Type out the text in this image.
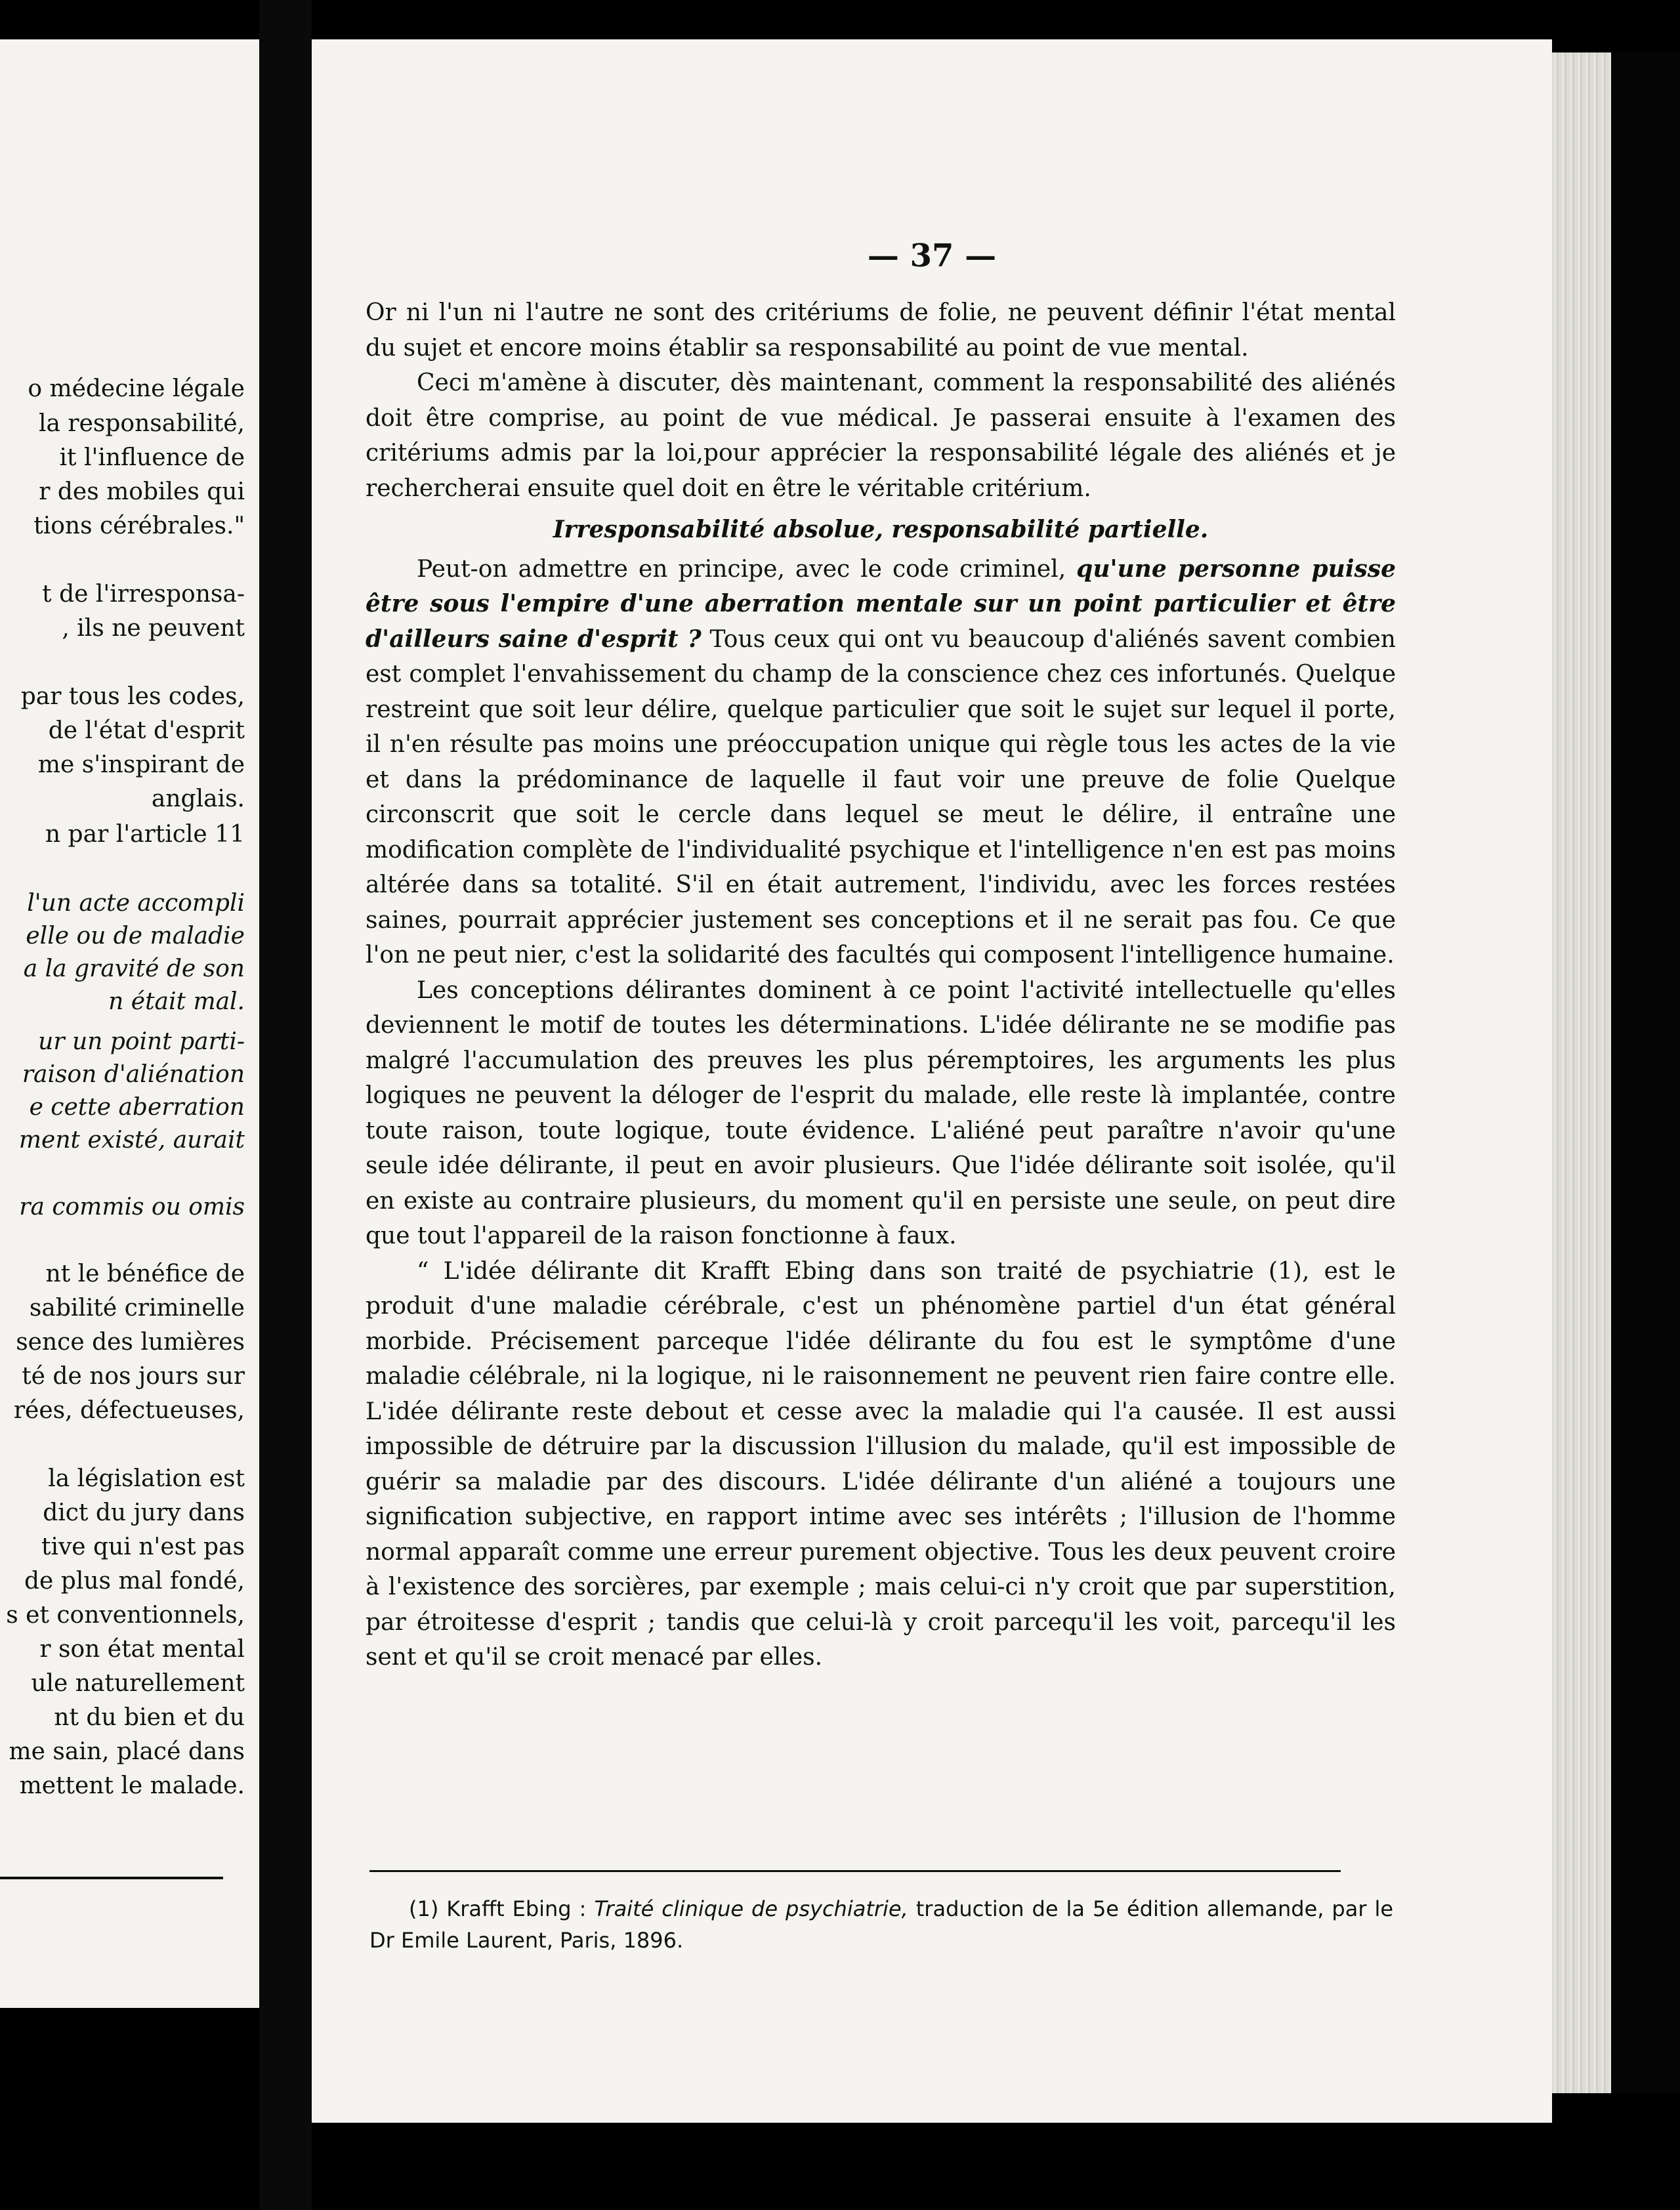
o médecine légale
la responsabilité,
it l'influence de
r des mobiles qui
tions cérébrales."
t de l'irresponsa-
, ils ne peuvent
par tous les codes,
de l'état d'esprit
me s'inspirant de
anglais.
n par l'article 11
l'un acte accompli
elle ou de maladie
a la gravité de son
n était mal.
ur un point parti-
raison d'aliénation
e cette aberration
ment existé, aurait
ra commis ou omis
nt le bénéfice de
sabilité criminelle
sence des lumières
té de nos jours sur
rées, défectueuses,
la législation est
dict du jury dans
tive qui n'est pas
de plus mal fondé,
s et conventionnels,
r son état mental
ule naturellement
nt du bien et du
me sain, placé dans
mettent le malade.
— 37 —

Or ni l'un ni l'autre ne sont des critériums de folie, ne peuvent définir l'état mental du sujet et encore moins établir sa responsabilité au point de vue mental.

Ceci m'amène à discuter, dès maintenant, comment la responsabilité des aliénés doit être comprise, au point de vue médical. Je passerai ensuite à l'examen des critériums admis par la loi,pour apprécier la responsabilité légale des aliénés et je rechercherai ensuite quel doit en être le véritable critérium.

Irresponsabilité absolue, responsabilité partielle.

Peut-on admettre en principe, avec le code criminel, qu'une personne puisse être sous l'empire d'une aberration mentale sur un point particulier et être d'ailleurs saine d'esprit ? Tous ceux qui ont vu beaucoup d'aliénés savent combien est complet l'envahissement du champ de la conscience chez ces infortunés. Quelque restreint que soit leur délire, quelque particulier que soit le sujet sur lequel il porte, il n'en résulte pas moins une préoccupation unique qui règle tous les actes de la vie et dans la prédominance de laquelle il faut voir une preuve de folie Quelque circonscrit que soit le cercle dans lequel se meut le délire, il entraîne une modification complète de l'individualité psychique et l'intelligence n'en est pas moins altérée dans sa totalité. S'il en était autrement, l'individu, avec les forces restées saines, pourrait apprécier justement ses conceptions et il ne serait pas fou. Ce que l'on ne peut nier, c'est la solidarité des facultés qui composent l'intelligence humaine.

Les conceptions délirantes dominent à ce point l'activité intellectuelle qu'elles deviennent le motif de toutes les déterminations. L'idée délirante ne se modifie pas malgré l'accumulation des preuves les plus péremptoires, les arguments les plus logiques ne peuvent la déloger de l'esprit du malade, elle reste là implantée, contre toute raison, toute logique, toute évidence. L'aliéné peut paraître n'avoir qu'une seule idée délirante, il peut en avoir plusieurs. Que l'idée délirante soit isolée, qu'il en existe au contraire plusieurs, du moment qu'il en persiste une seule, on peut dire que tout l'appareil de la raison fonctionne à faux.

“ L'idée délirante dit Krafft Ebing dans son traité de psychiatrie (1), est le produit d'une maladie cérébrale, c'est un phénomène partiel d'un état général morbide. Précisement parceque l'idée délirante du fou est le symptôme d'une maladie célébrale, ni la logique, ni le raisonnement ne peuvent rien faire contre elle. L'idée délirante reste debout et cesse avec la maladie qui l'a causée. Il est aussi impossible de détruire par la discussion l'illusion du malade, qu'il est impossible de guérir sa maladie par des discours. L'idée délirante d'un aliéné a toujours une signification subjective, en rapport intime avec ses intérêts ; l'illusion de l'homme normal apparaît comme une erreur purement objective. Tous les deux peuvent croire à l'existence des sorcières, par exemple ; mais celui-ci n'y croit que par superstition, par étroitesse d'esprit ; tandis que celui-là y croit parcequ'il les voit, parcequ'il les sent et qu'il se croit menacé par elles.

(1) Krafft Ebing : Traité clinique de psychiatrie, traduction de la 5e édition allemande, par le Dr Emile Laurent, Paris, 1896.
